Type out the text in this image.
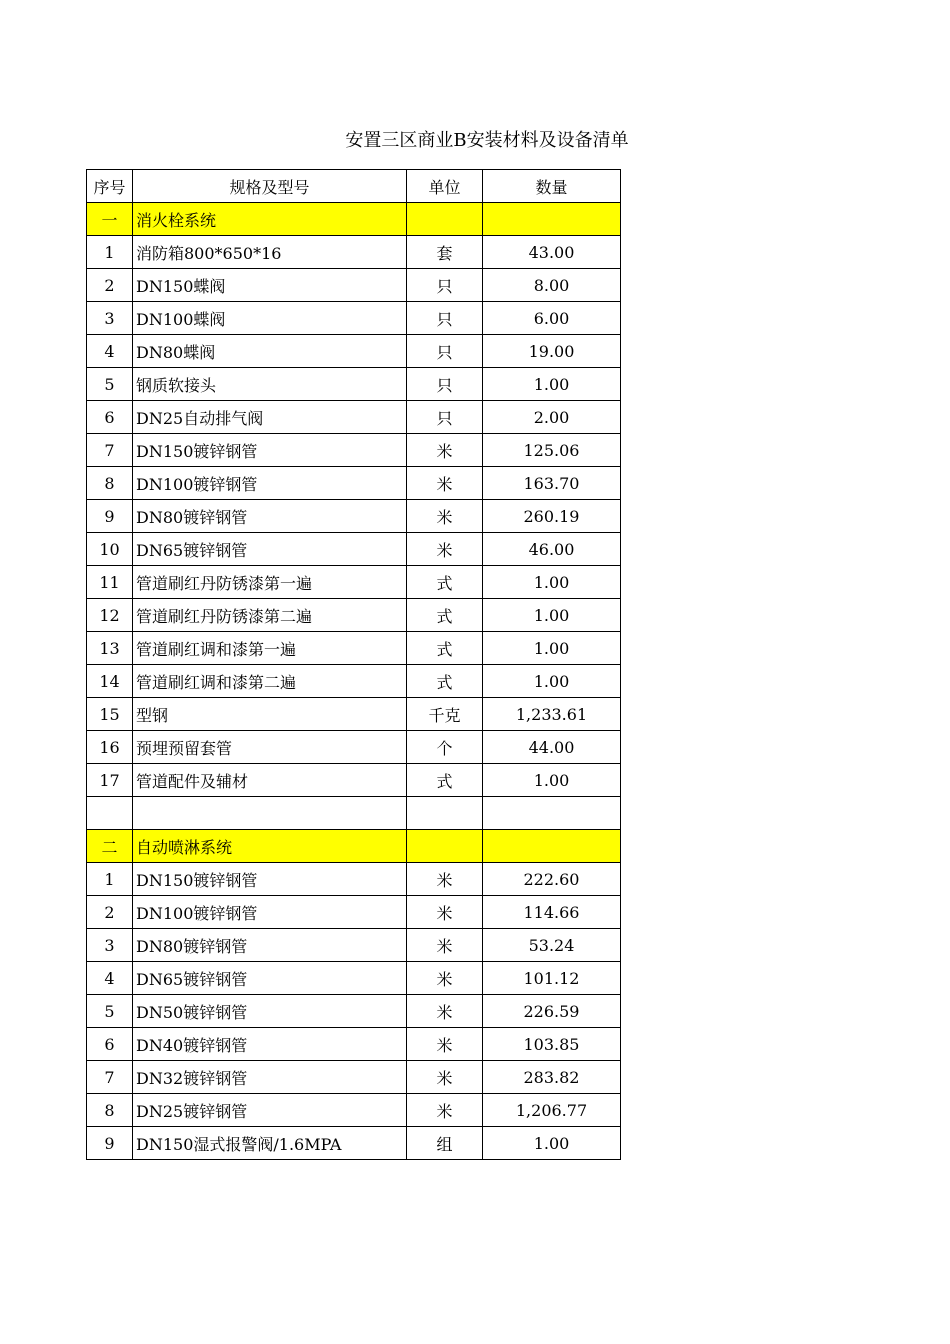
安置三区商业B安装材料及设备清单
序号	规格及型号	单位	数量
一	消火栓系统		
1	消防箱800*650*16	套	43.00
2	DN150蝶阀	只	8.00
3	DN100蝶阀	只	6.00
4	DN80蝶阀	只	19.00
5	钢质软接头	只	1.00
6	DN25自动排气阀	只	2.00
7	DN150镀锌钢管	米	125.06
8	DN100镀锌钢管	米	163.70
9	DN80镀锌钢管	米	260.19
10	DN65镀锌钢管	米	46.00
11	管道刷红丹防锈漆第一遍	式	1.00
12	管道刷红丹防锈漆第二遍	式	1.00
13	管道刷红调和漆第一遍	式	1.00
14	管道刷红调和漆第二遍	式	1.00
15	型钢	千克	1,233.61
16	预埋预留套管	个	44.00
17	管道配件及辅材	式	1.00

二	自动喷淋系统		
1	DN150镀锌钢管	米	222.60
2	DN100镀锌钢管	米	114.66
3	DN80镀锌钢管	米	53.24
4	DN65镀锌钢管	米	101.12
5	DN50镀锌钢管	米	226.59
6	DN40镀锌钢管	米	103.85
7	DN32镀锌钢管	米	283.82
8	DN25镀锌钢管	米	1,206.77
9	DN150湿式报警阀/1.6MPA	组	1.00
